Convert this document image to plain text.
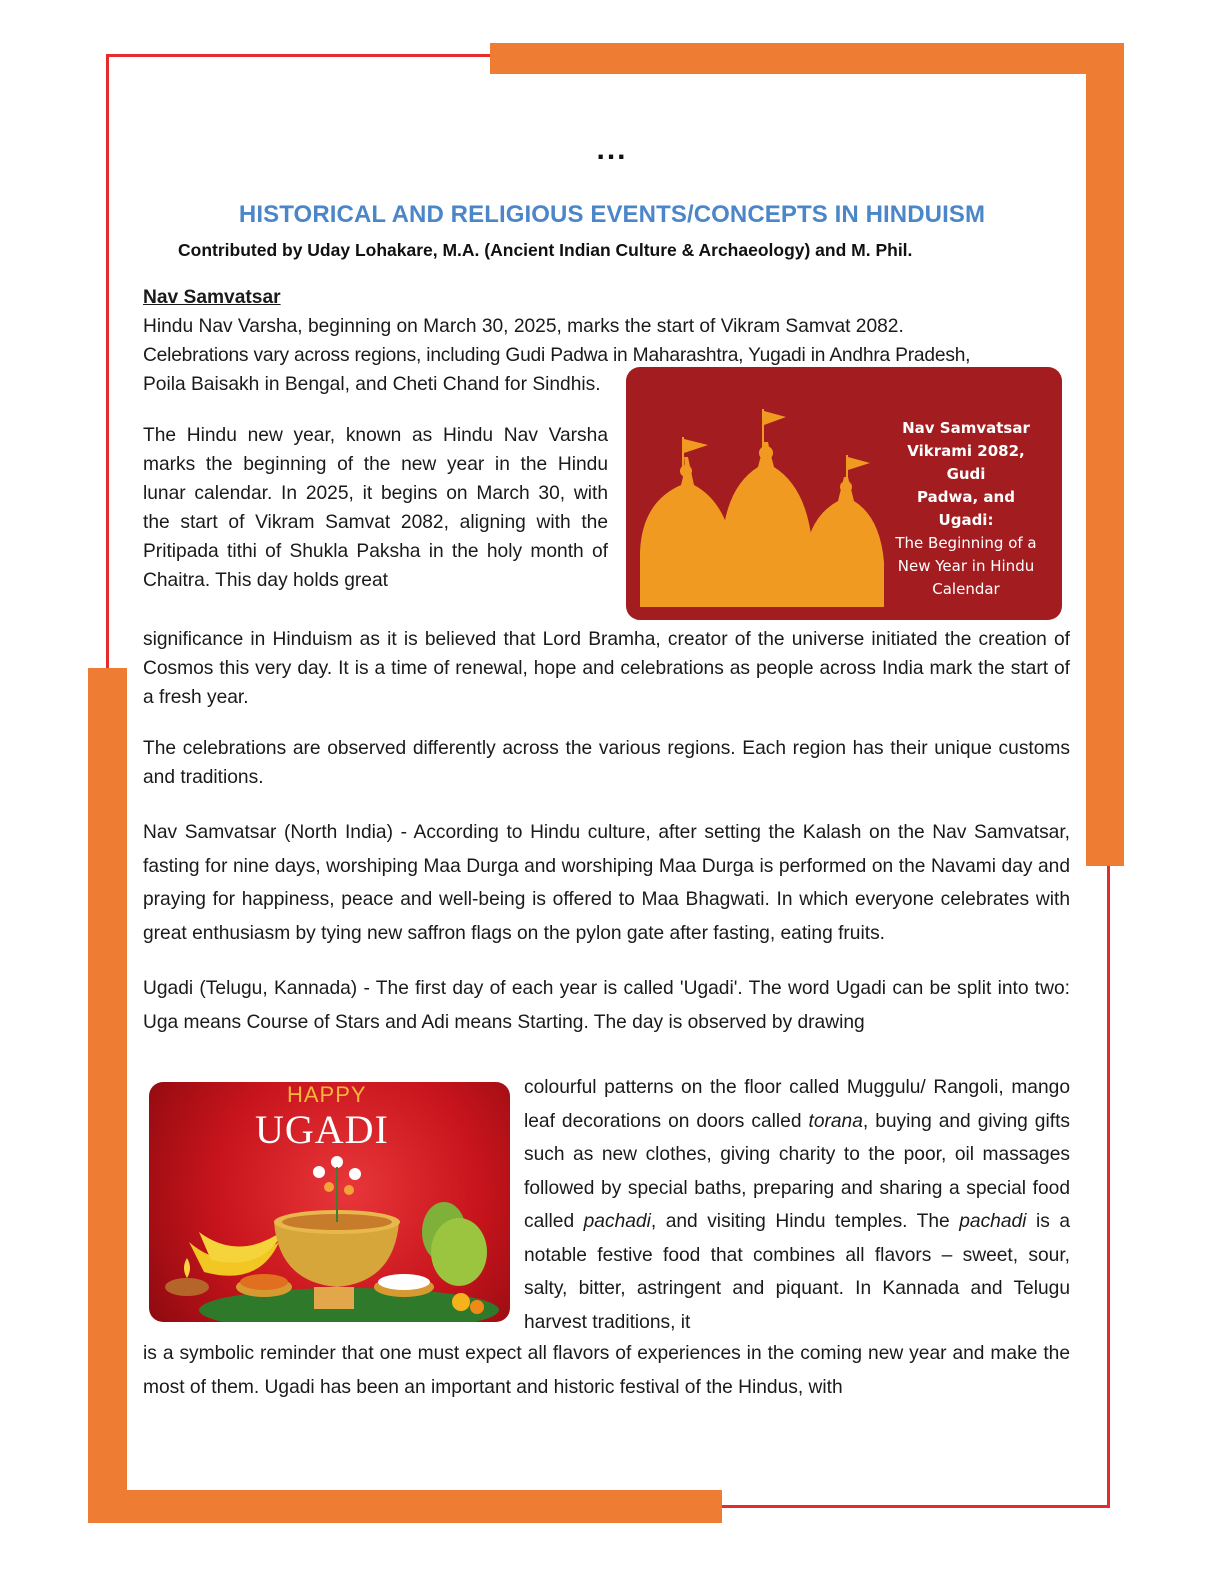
...
HISTORICAL AND RELIGIOUS EVENTS/CONCEPTS IN HINDUISM
Contributed by Uday Lohakare, M.A. (Ancient Indian Culture & Archaeology) and M. Phil.
Nav Samvatsar
Vikrami 2082, Gudi
Padwa, and Ugadi:
The Beginning of a
New Year in Hindu
Calendar
HAPPY
UGADI
Nav Samvatsar

Hindu Nav Varsha, beginning on March 30, 2025, marks the start of Vikram Samvat 2082.

Celebrations vary across regions, including Gudi Padwa in Maharashtra, Yugadi in Andhra Pradesh,

Poila Baisakh in Bengal, and Cheti Chand for Sindhis.

The Hindu new year, known as Hindu Nav Varsha marks the beginning of the new year in the Hindu lunar calendar. In 2025, it begins on March 30, with the start of Vikram Samvat 2082, aligning with the Pritipada tithi of Shukla Paksha in the holy month of Chaitra. This day holds great

significance in Hinduism as it is believed that Lord Bramha, creator of the universe initiated the creation of Cosmos this very day. It is a time of renewal, hope and celebrations as people across India mark the start of a fresh year.

The celebrations are observed differently across the various regions. Each region has their unique customs and traditions.

Nav Samvatsar (North India) - According to Hindu culture, after setting the Kalash on the Nav Samvatsar, fasting for nine days, worshiping Maa Durga and worshiping Maa Durga is performed on the Navami day and praying for happiness, peace and well-being is offered to Maa Bhagwati. In which everyone celebrates with great enthusiasm by tying new saffron flags on the pylon gate after fasting, eating fruits.

Ugadi (Telugu, Kannada) - The first day of each year is called 'Ugadi'. The word Ugadi can be split into two: Uga means Course of Stars and Adi means Starting. The day is observed by drawing

colourful patterns on the floor called Muggulu/ Rangoli, mango leaf decorations on doors called torana, buying and giving gifts such as new clothes, giving charity to the poor, oil massages followed by special baths, preparing and sharing a special food called pachadi, and visiting Hindu temples. The pachadi is a notable festive food that combines all flavors – sweet, sour, salty, bitter, astringent and piquant. In Kannada and Telugu harvest traditions, it

is a symbolic reminder that one must expect all flavors of experiences in the coming new year and make the most of them. Ugadi has been an important and historic festival of the Hindus, with
